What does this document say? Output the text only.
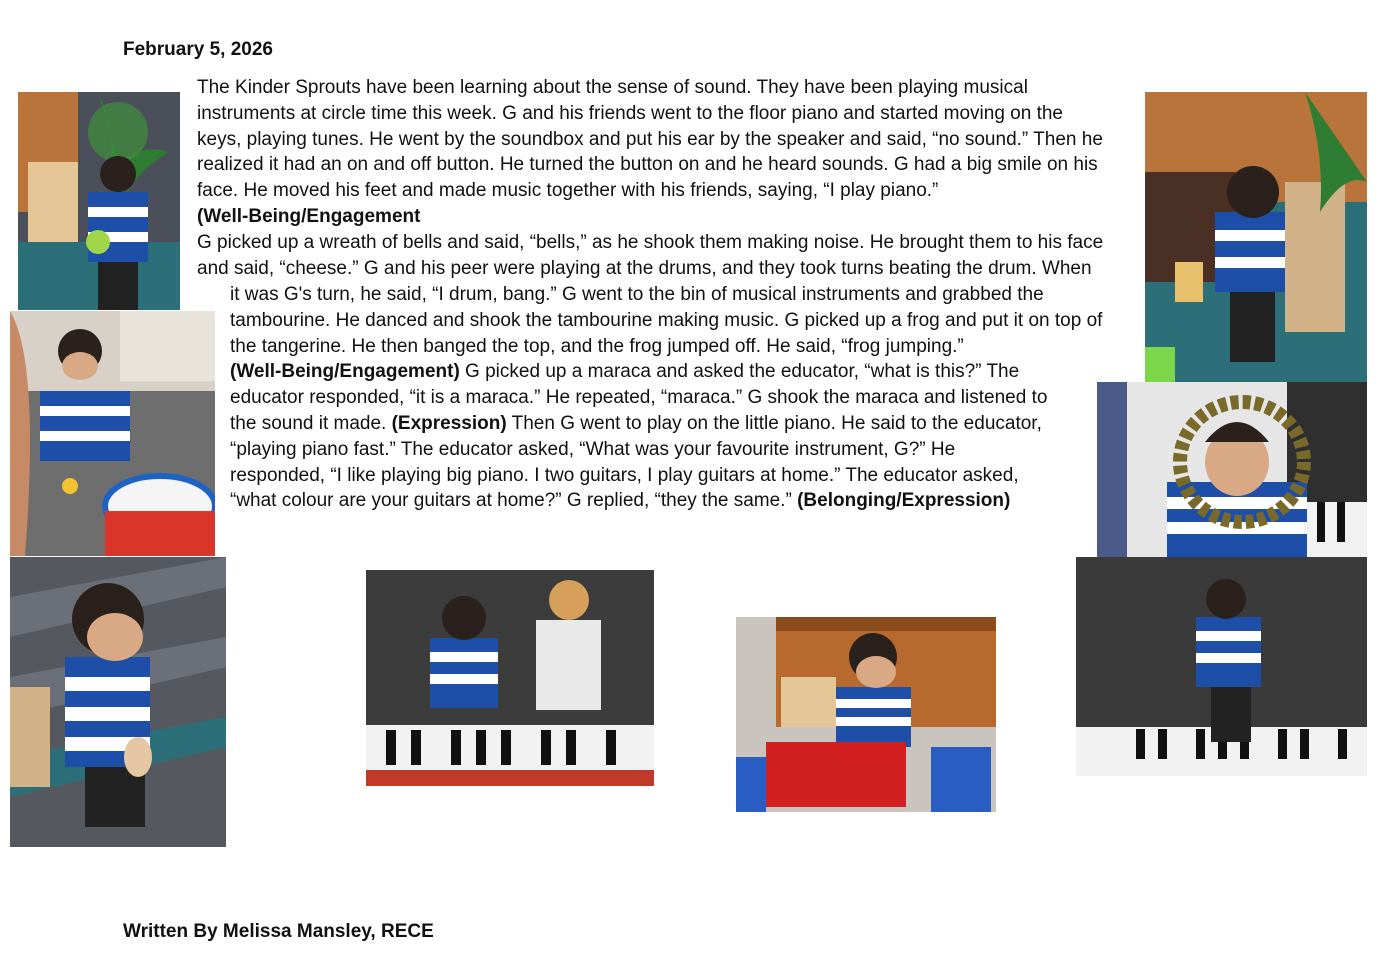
February 5, 2026
The Kinder Sprouts have been learning about the sense of sound. They have been playing musical
instruments at circle time this week. G and his friends went to the floor piano and started moving on the
keys, playing tunes. He went by the soundbox and put his ear by the speaker and said, “no sound.” Then he
realized it had an on and off button. He turned the button on and he heard sounds. G had a big smile on his
face. He moved his feet and made music together with his friends, saying, “I play piano.”
(Well-Being/Engagement
G picked up a wreath of bells and said, “bells,” as he shook them making noise. He brought them to his face
and said, “cheese.” G and his peer were playing at the drums, and they took turns beating the drum. When
it was G's turn, he said, “I drum, bang.” G went to the bin of musical instruments and grabbed the
tambourine. He danced and shook the tambourine making music. G picked up a frog and put it on top of
the tangerine. He then banged the top, and the frog jumped off. He said, “frog jumping.”
(Well-Being/Engagement) G picked up a maraca and asked the educator, “what is this?” The
educator responded, “it is a maraca.” He repeated, “maraca.” G shook the maraca and listened to
the sound it made. (Expression) Then G went to play on the little piano. He said to the educator,
“playing piano fast.” The educator asked, “What was your favourite instrument, G?” He
responded, “I like playing big piano. I two guitars, I play guitars at home.” The educator asked,
“what colour are your guitars at home?” G replied, “they the same.” (Belonging/Expression)
Written By Melissa Mansley, RECE
